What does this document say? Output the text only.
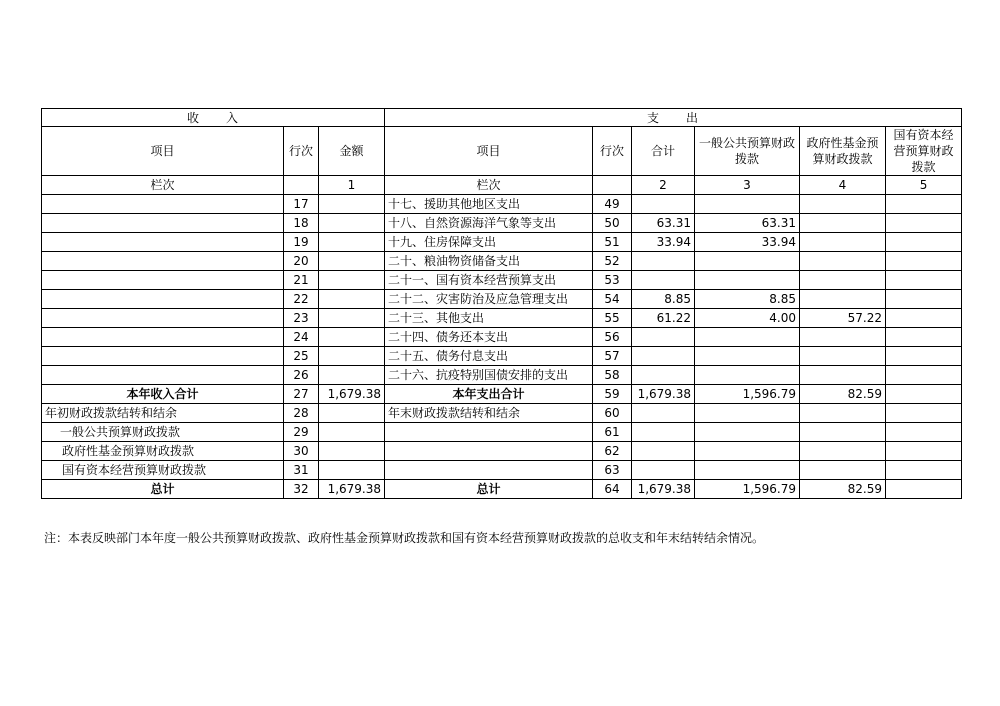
收　　入			支　　出					
项目	行次	金额	项目	行次	合计	一般公共预算财政拨款	政府性基金预算财政拨款	国有资本经营预算财政拨款
栏次		1	栏次		2	3	4	5
	17		十七、援助其他地区支出	49				
	18		十八、自然资源海洋气象等支出	50	63.31	63.31		
	19		十九、住房保障支出	51	33.94	33.94		
	20		二十、粮油物资储备支出	52				
	21		二十一、国有资本经营预算支出	53				
	22		二十二、灾害防治及应急管理支出	54	8.85	8.85		
	23		二十三、其他支出	55	61.22	4.00	57.22	
	24		二十四、债务还本支出	56				
	25		二十五、债务付息支出	57				
	26		二十六、抗疫特别国债安排的支出	58				
本年收入合计	27	1,679.38	本年支出合计	59	1,679.38	1,596.79	82.59	
年初财政拨款结转和结余	28		年末财政拨款结转和结余	60				
一般公共预算财政拨款	29			61				
政府性基金预算财政拨款	30			62				
国有资本经营预算财政拨款	31			63				
总计	32	1,679.38	总计	64	1,679.38	1,596.79	82.59	
注：本表反映部门本年度一般公共预算财政拨款、政府性基金预算财政拨款和国有资本经营预算财政拨款的总收支和年末结转结余情况。
